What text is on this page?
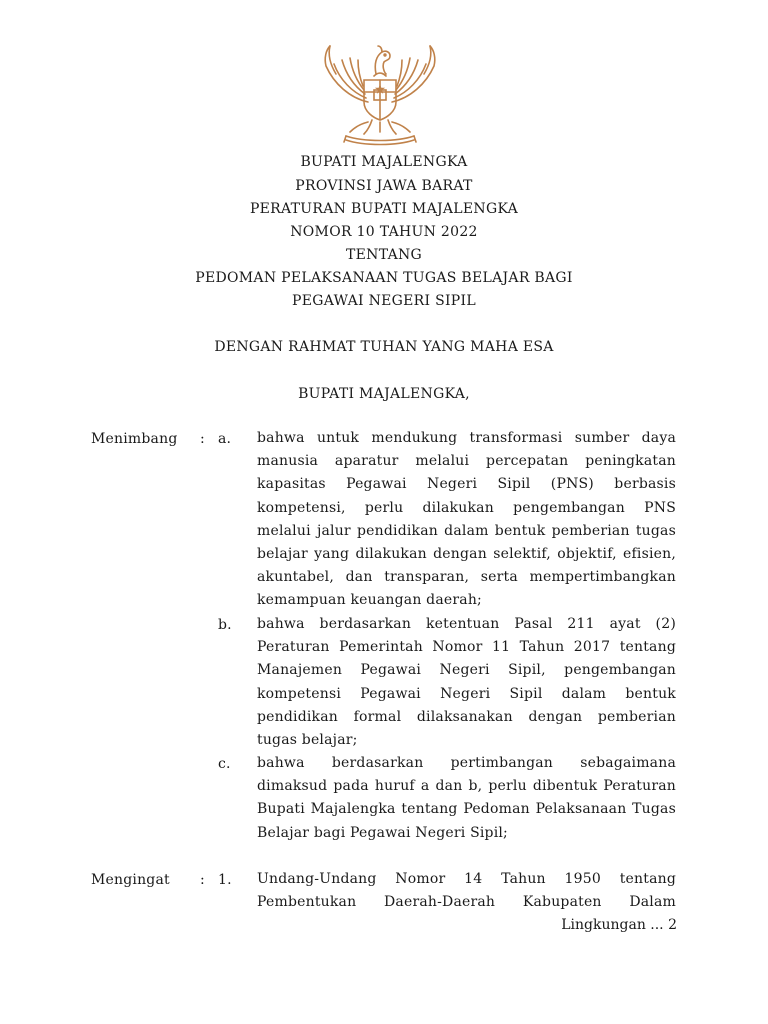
BUPATI MAJALENGKA
PROVINSI JAWA BARAT
PERATURAN BUPATI MAJALENGKA
NOMOR 10 TAHUN 2022
TENTANG
PEDOMAN PELAKSANAAN TUGAS BELAJAR BAGI
PEGAWAI NEGERI SIPIL
DENGAN RAHMAT TUHAN YANG MAHA ESA
BUPATI MAJALENGKA,
Menimbang : a. bahwa untuk mendukung transformasi sumber daya manusia aparatur melalui percepatan peningkatan kapasitas Pegawai Negeri Sipil (PNS) berbasis kompetensi, perlu dilakukan pengembangan PNS melalui jalur pendidikan dalam bentuk pemberian tugas belajar yang dilakukan dengan selektif, objektif, efisien, akuntabel, dan transparan, serta mempertimbangkan kemampuan keuangan daerah;
b. bahwa berdasarkan ketentuan Pasal 211 ayat (2) Peraturan Pemerintah Nomor 11 Tahun 2017 tentang Manajemen Pegawai Negeri Sipil, pengembangan kompetensi Pegawai Negeri Sipil dalam bentuk pendidikan formal dilaksanakan dengan pemberian tugas belajar;
c. bahwa berdasarkan pertimbangan sebagaimana dimaksud pada huruf a dan b, perlu dibentuk Peraturan Bupati Majalengka tentang Pedoman Pelaksanaan Tugas Belajar bagi Pegawai Negeri Sipil;
Mengingat : 1. Undang-Undang Nomor 14 Tahun 1950 tentang Pembentukan Daerah-Daerah Kabupaten Dalam
Lingkungan ... 2
